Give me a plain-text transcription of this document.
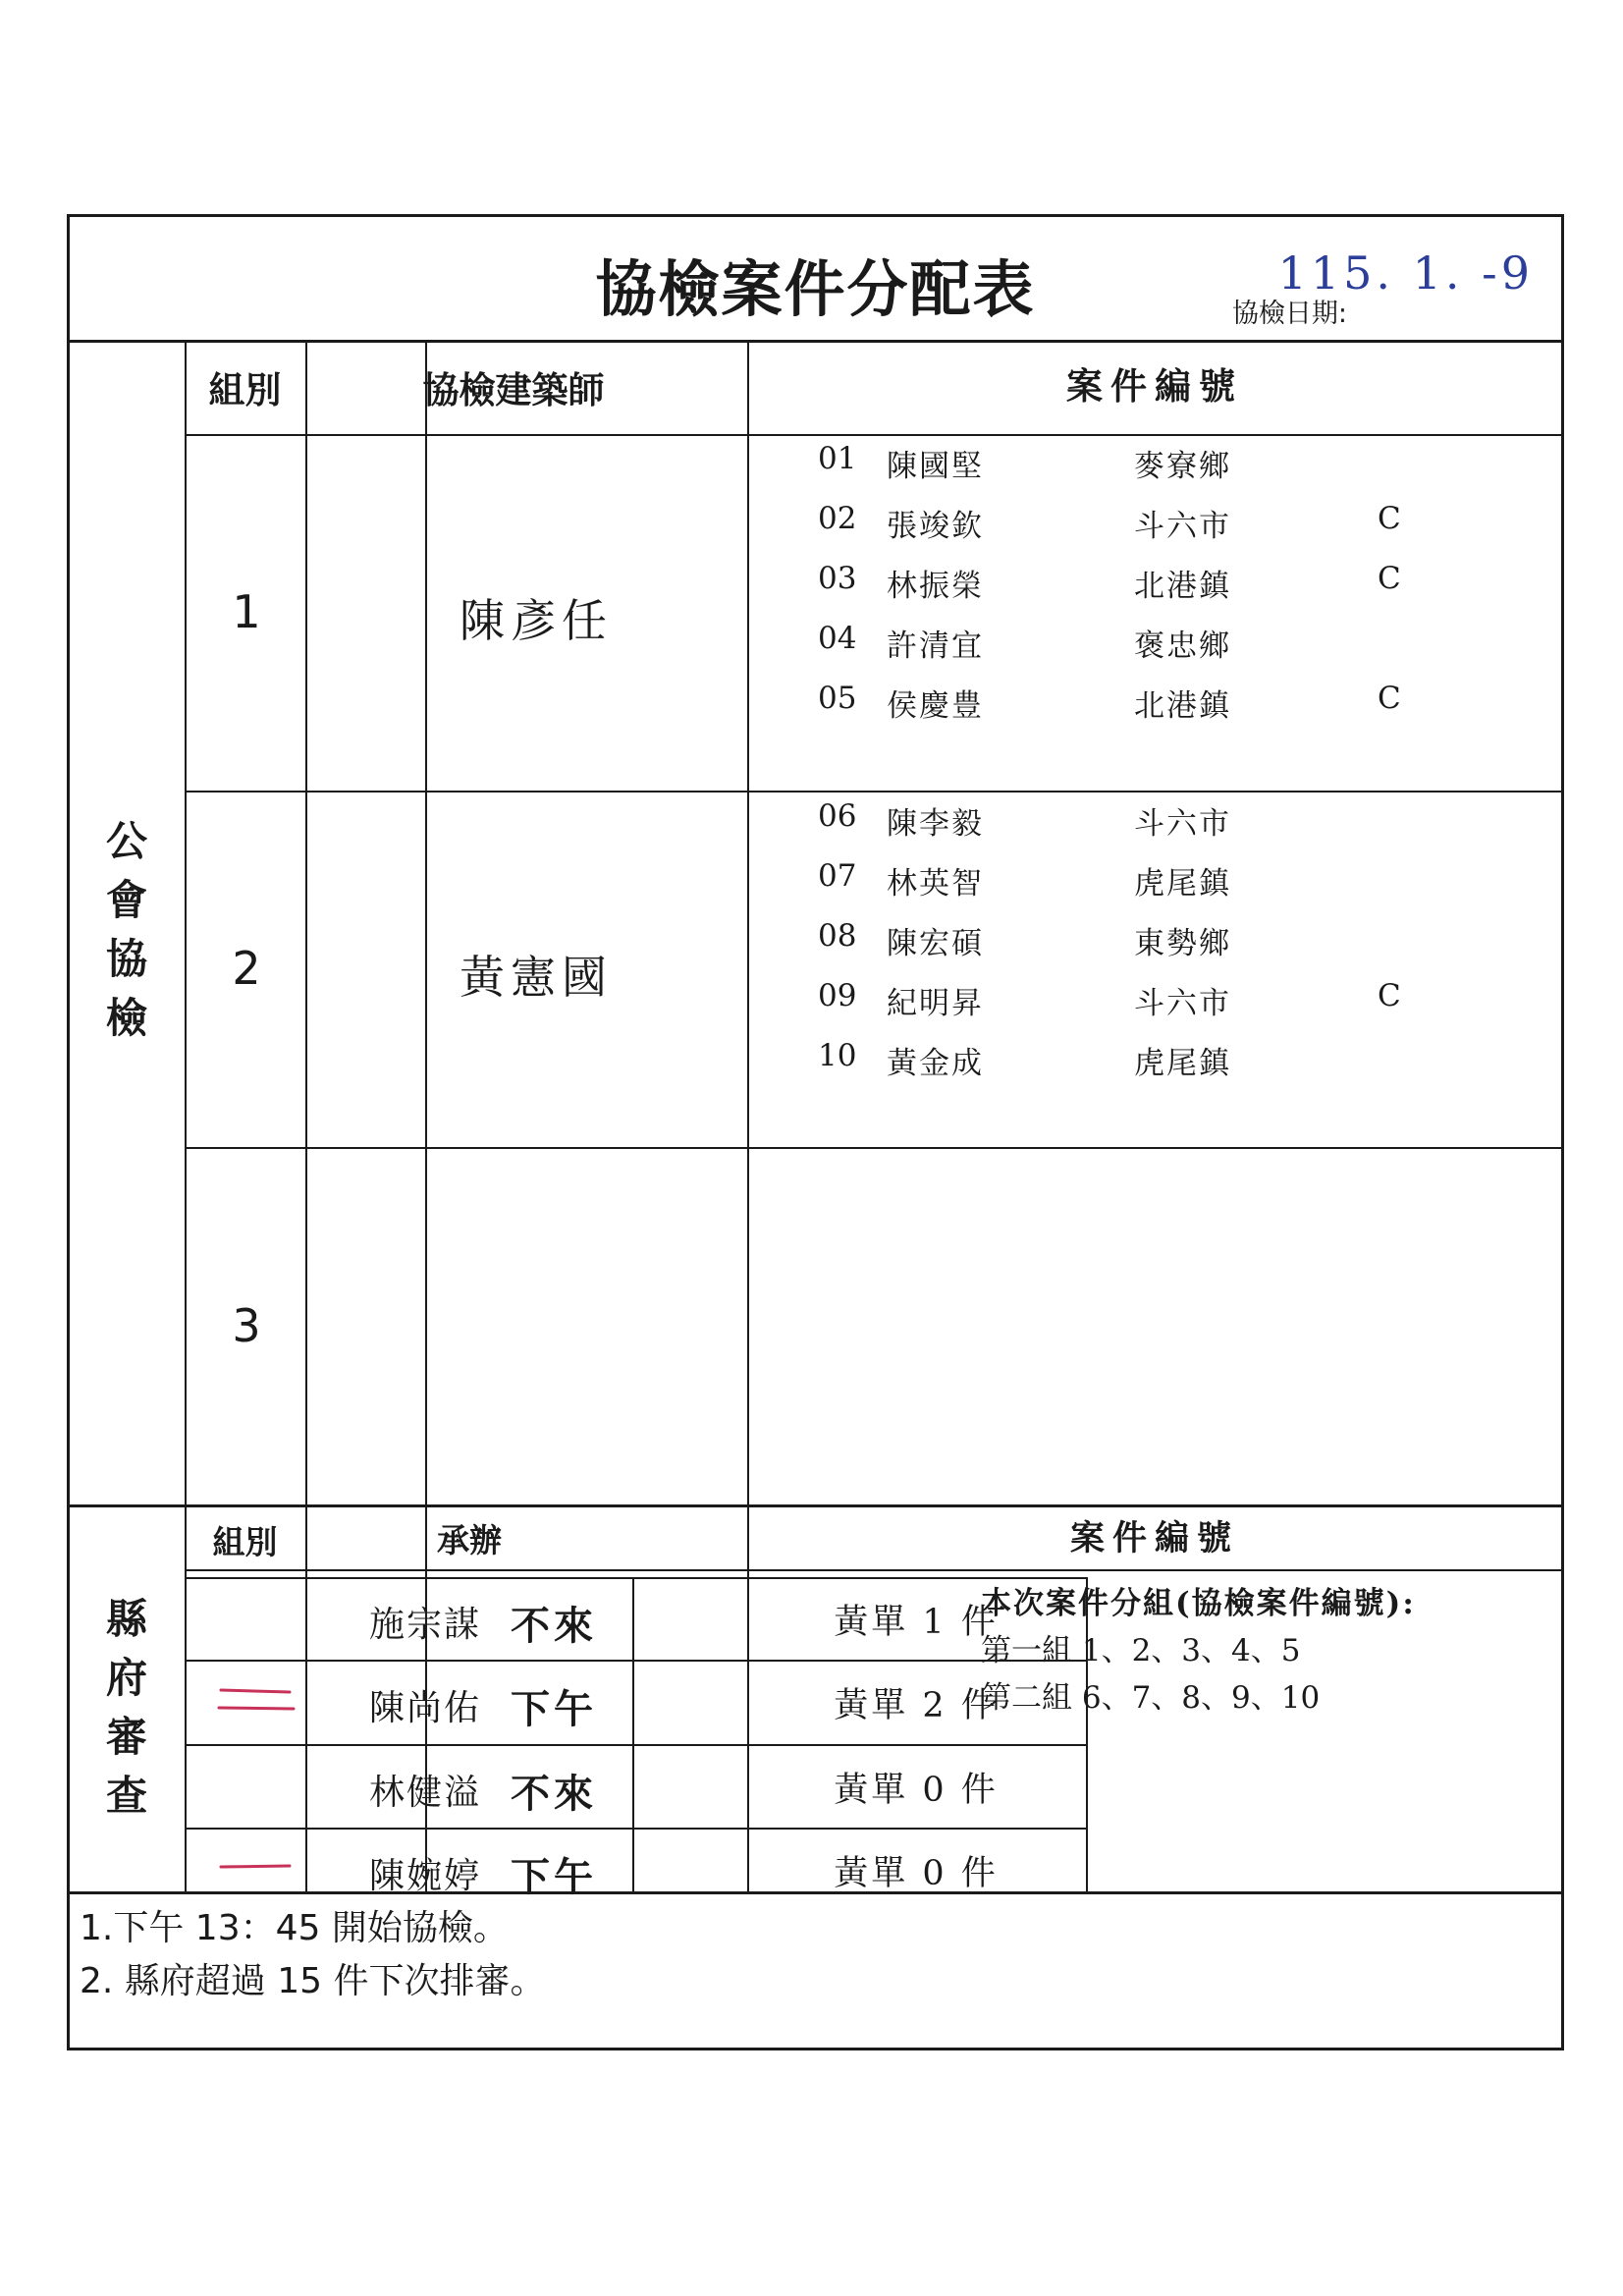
協檢案件分配表	115. 1. -9
協檢日期:
公
會
協
檢
組別	協檢建築師	案件編號
1	陳彥任
01 陳國堅	麥寮鄉
02 張竣欽	斗六市	C
03 林振榮	北港鎮	C
04 許清宜	褒忠鄉
05 侯慶豊	北港鎮	C
2	黃憲國
06 陳李毅	斗六市
07 林英智	虎尾鎮
08 陳宏碩	東勢鄉
09 紀明昇	斗六市	C
10 黃金成	虎尾鎮
3
縣
府
審
查
組別	承辦	案件編號
施宗謀 不來	黃單 1 件
陳尚佑 下午	黃單 2 件
林健溢 不來	黃單 0 件
陳婉婷 下午	黃單 0 件
本次案件分組(協檢案件編號):
第一組 1、2、3、4、5
第二組 6、7、8、9、10
1.下午 13：45 開始協檢。
2. 縣府超過 15 件下次排審。
